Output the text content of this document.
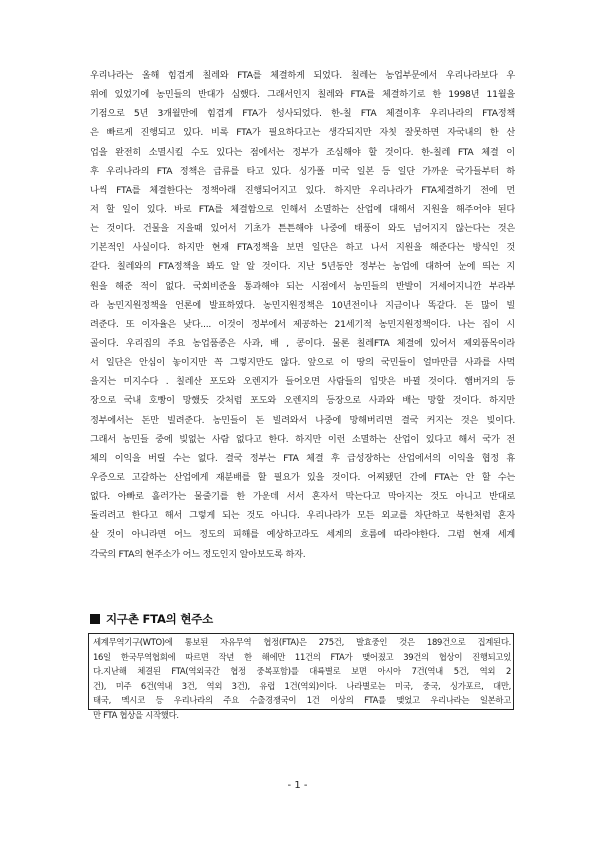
우리나라는 올해 힘겹게 칠레와 FTA를 체결하게 되었다. 칠레는 농업부문에서 우리나라보다 우
위에 있었기에 농민들의 반대가 심했다. 그래서인지 칠레와 FTA를 체결하기로 한 1998년 11월을
기점으로 5년 3개월만에 힘겹게 FTA가 성사되었다. 한-칠 FTA 체결이후 우리나라의 FTA정책
은 빠르게 진행되고 있다. 비록 FTA가 필요하다고는 생각되지만 자칫 잘못하면 자국내의 한 산
업을 완전히 소멸시킬 수도 있다는 점에서는 정부가 조심해야 할 것이다. 한-칠레 FTA 체결 이
후 우리나라의 FTA 정책은 급류를 타고 있다. 싱가폴 미국 일본 등 일단 가까운 국가들부터 하
나씩 FTA를 체결한다는 정책아래 진행되어지고 있다. 하지만 우리나라가 FTA체결하기 전에 먼
저 할 일이 있다. 바로 FTA를 체결함으로 인해서 소멸하는 산업에 대해서 지원을 해주어야 된다
는 것이다. 건물을 지을때 있어서 기초가 튼튼해야 나중에 태풍이 와도 넘어지지 않는다는 것은
기본적인 사실이다. 하지만 현재 FTA정책을 보면 일단은 하고 나서 지원을 해준다는 방식인 것
같다. 칠레와의 FTA정책을 봐도 알 알 것이다. 지난 5년동안 정부는 농업에 대하여 눈에 띄는 지
원을 해준 적이 없다. 국회비준을 통과해야 되는 시점에서 농민들의 반발이 거세어지니깐 부라부
라 농민지원정책을 언론에 발표하였다. 농민지원정책은 10년전이나 지금이나 똑같다. 돈 많이 빌
려준다. 또 이자율은 낮다.... 이것이 정부에서 제공하는 21세기적 농민지원정책이다. 나는 집이 시
골이다. 우리집의 주요 농업품종은 사과, 배 , 콩이다. 물론 칠레FTA 체결에 있어서 제외품목이라
서 일단은 안심이 놓이지만 꼭 그렇지만도 않다. 앞으로 이 땅의 국민들이 얼마만큼 사과를 사먹
을지는 미지수다 . 칠레산 포도와 오렌지가 들어오면 사람들의 입맛은 바뀔 것이다. 햄버거의 등
장으로 국내 호빵이 망했듯 갓처럼 포도와 오렌지의 등장으로 사과와 배는 망할 것이다. 하지만
정부에서는 돈만 빌려준다. 농민들이 돈 빌려와서 나중에 망해버리면 결국 커지는 것은 빚이다.
그래서 농민들 중에 빚없는 사람 없다고 한다. 하지만 이런 소멸하는 산업이 있다고 해서 국가 전
체의 이익을 버릴 수는 없다. 결국 정부는 FTA 체결 후 급성장하는 산업에서의 이익을 협정 휴
우증으로 고갈하는 산업에게 재분배를 할 필요가 있을 것이다. 어찌됐던 간에 FTA는 안 할 수는
없다. 아빠로 흘러가는 물줄기를 한 가운데 서서 혼자서 막는다고 막아지는 것도 아니고 반대로
돌리려고 한다고 해서 그렇게 되는 것도 아니다. 우리나라가 모든 외교를 차단하고 북한처럼 혼자
살 것이 아니라면 어느 정도의 피해를 예상하고라도 세계의 흐름에 따라야한다. 그럼 현재 세계
각국의 FTA의 현주소가 어느 정도인지 알아보도록 하자.
지구촌 FTA의 현주소
세계무역기구(WTO)에 통보된 자유무역 협정(FTA)은 275건, 발효중인 것은 189건으로 집계된다.
16일 한국무역협회에 따르면 작년 한 해에만 11건의 FTA가 맺어졌고 39건의 협상이 진행되고있
다.지난해 체결된 FTA(역외국간 협정 중복포함)를 대륙별로 보면 아시아 7건(역내 5건, 역외 2
건), 미주 6건(역내 3건, 역외 3건), 유럽 1건(역외)이다. 나라별로는 미국, 중국, 싱가포르, 대만,
태국, 멕시코 등 우리나라의 주요 수출경쟁국이 1건 이상의 FTA를 맺었고 우리나라는 일본하고
만 FTA 협상을 시작했다.
- 1 -
